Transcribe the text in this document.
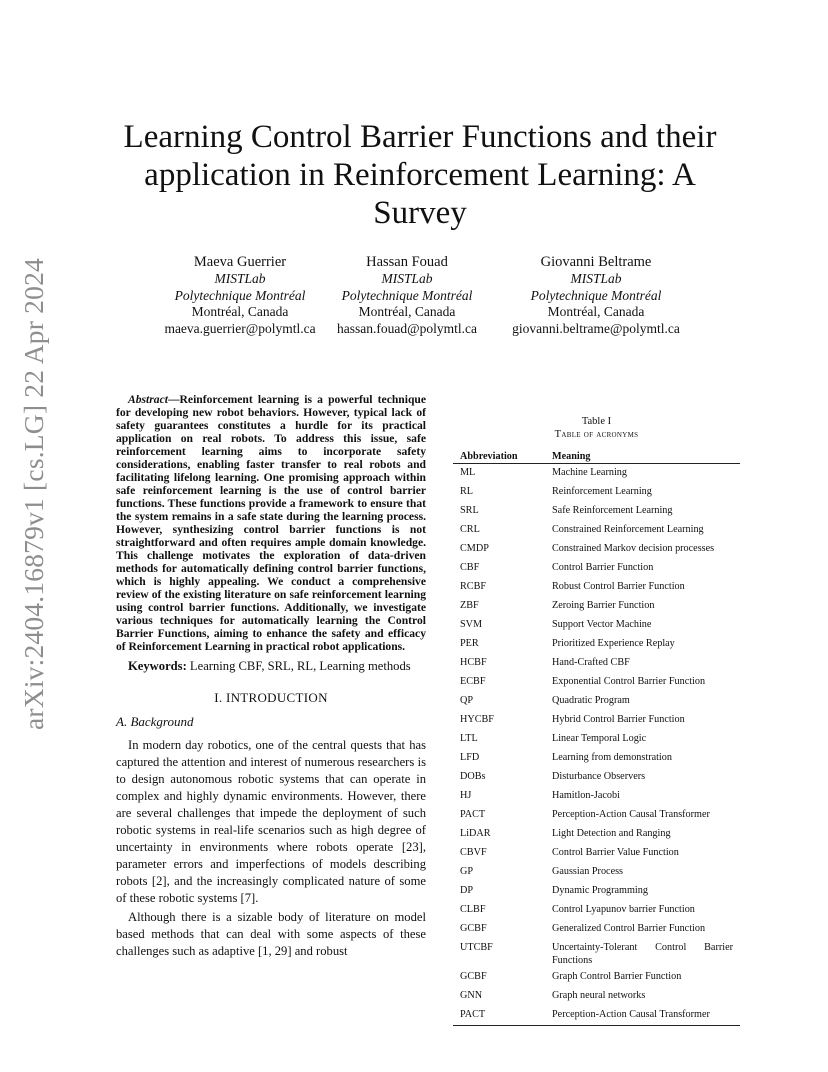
arXiv:2404.16879v1 [cs.LG] 22 Apr 2024
Learning Control Barrier Functions and their application in Reinforcement Learning: A Survey
Maeva Guerrier
MISTLab
Polytechnique Montréal
Montréal, Canada
maeva.guerrier@polymtl.ca
Hassan Fouad
MISTLab
Polytechnique Montréal
Montréal, Canada
hassan.fouad@polymtl.ca
Giovanni Beltrame
MISTLab
Polytechnique Montréal
Montréal, Canada
giovanni.beltrame@polymtl.ca

Abstract—Reinforcement learning is a powerful technique for developing new robot behaviors. However, typical lack of safety guarantees constitutes a hurdle for its practical application on real robots. To address this issue, safe reinforcement learning aims to incorporate safety considerations, enabling faster transfer to real robots and facilitating lifelong learning. One promising approach within safe reinforcement learning is the use of control barrier functions. These functions provide a framework to ensure that the system remains in a safe state during the learning process. However, synthesizing control barrier functions is not straightforward and often requires ample domain knowledge. This challenge motivates the exploration of data-driven methods for automatically defining control barrier functions, which is highly appealing. We conduct a comprehensive review of the existing literature on safe reinforcement learning using control barrier functions. Additionally, we investigate various techniques for automatically learning the Control Barrier Functions, aiming to enhance the safety and efficacy of Reinforcement Learning in practical robot applications.

Keywords: Learning CBF, SRL, RL, Learning methods

I. INTRODUCTION
A. Background

In modern day robotics, one of the central quests that has captured the attention and interest of numerous researchers is to design autonomous robotic systems that can operate in complex and highly dynamic environments. However, there are several challenges that impede the deployment of such robotic systems in real-life scenarios such as high degree of uncertainty in environments where robots operate [23], parameter errors and imperfections of models describing robots [2], and the increasingly complicated nature of some of these robotic systems [7].

Although there is a sizable body of literature on model based methods that can deal with some aspects of these challenges such as adaptive [1, 29] and robust

Table I
Table of acronyms
Abbreviation	Meaning
ML	Machine Learning
RL	Reinforcement Learning
SRL	Safe Reinforcement Learning
CRL	Constrained Reinforcement Learning
CMDP	Constrained Markov decision processes
CBF	Control Barrier Function
RCBF	Robust Control Barrier Function
ZBF	Zeroing Barrier Function
SVM	Support Vector Machine
PER	Prioritized Experience Replay
HCBF	Hand-Crafted CBF
ECBF	Exponential Control Barrier Function
QP	Quadratic Program
HYCBF	Hybrid Control Barrier Function
LTL	Linear Temporal Logic
LFD	Learning from demonstration
DOBs	Disturbance Observers
HJ	Hamitlon-Jacobi
PACT	Perception-Action Causal Transformer
LiDAR	Light Detection and Ranging
CBVF	Control Barrier Value Function
GP	Gaussian Process
DP	Dynamic Programming
CLBF	Control Lyapunov barrier Function
GCBF	Generalized Control Barrier Function
UTCBF	Uncertainty-Tolerant Control Barrier Functions
GCBF	Graph Control Barrier Function
GNN	Graph neural networks
PACT	Perception-Action Causal Transformer
